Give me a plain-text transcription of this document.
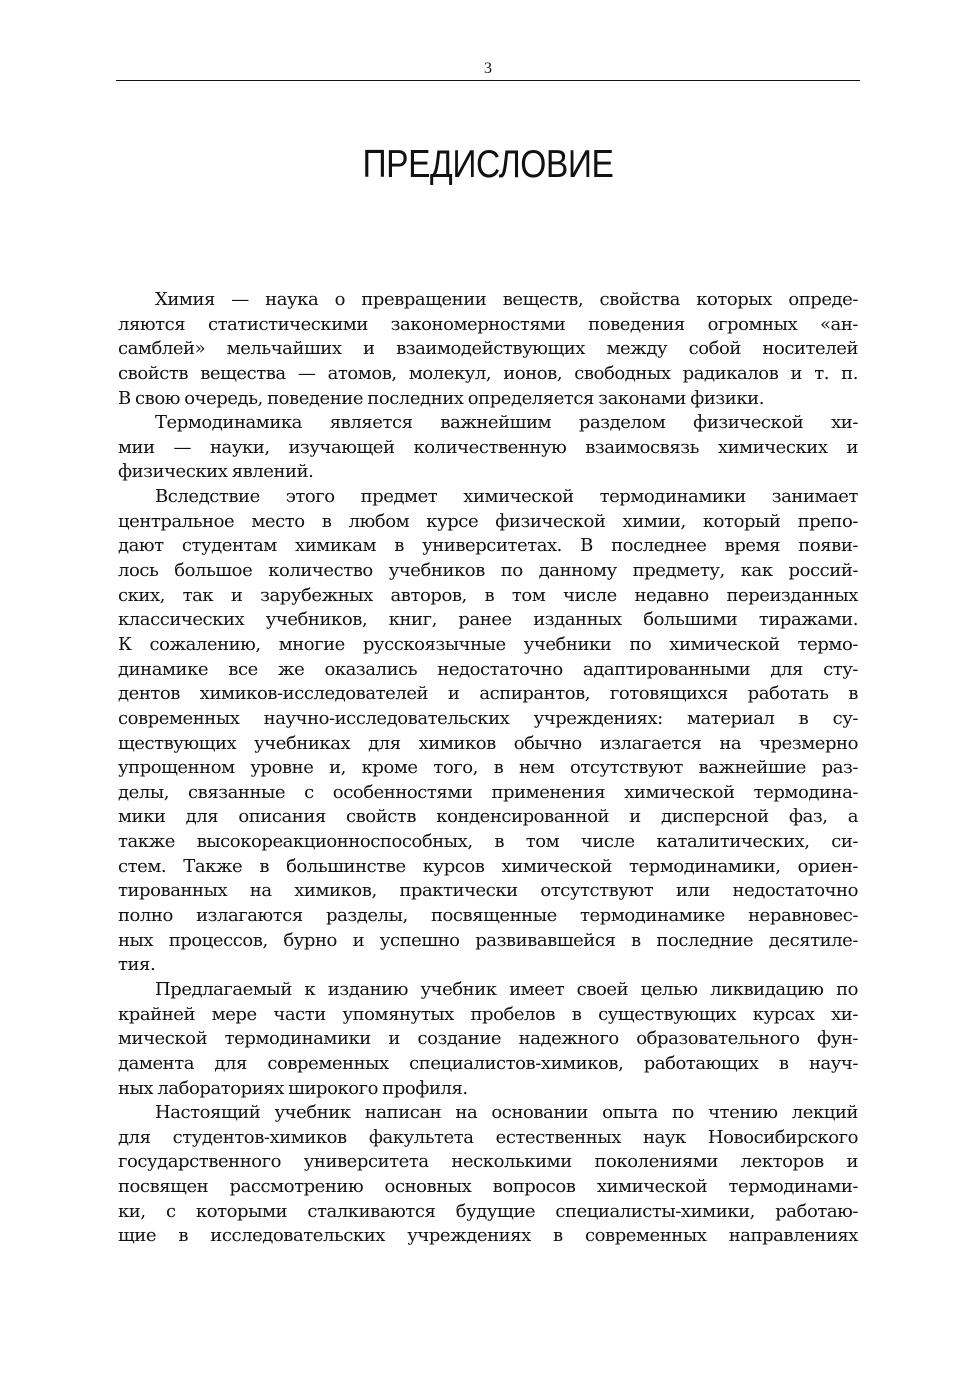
3
ПРЕДИСЛОВИЕ
Химия — наука о превращении веществ, свойства которых опреде-
ляются статистическими закономерностями поведения огромных «ан-
самблей» мельчайших и взаимодействующих между собой носителей
свойств вещества — атомов, молекул, ионов, свободных радикалов и т. п.
В свою очередь, поведение последних определяется законами физики.
Термодинамика является важнейшим разделом физической хи-
мии — науки, изучающей количественную взаимосвязь химических и
физических явлений.
Вследствие этого предмет химической термодинамики занимает
центральное место в любом курсе физической химии, который препо-
дают студентам химикам в университетах. В последнее время появи-
лось большое количество учебников по данному предмету, как россий-
ских, так и зарубежных авторов, в том числе недавно переизданных
классических учебников, книг, ранее изданных большими тиражами.
К сожалению, многие русскоязычные учебники по химической термо-
динамике все же оказались недостаточно адаптированными для сту-
дентов химиков-исследователей и аспирантов, готовящихся работать в
современных научно-исследовательских учреждениях: материал в су-
ществующих учебниках для химиков обычно излагается на чрезмерно
упрощенном уровне и, кроме того, в нем отсутствуют важнейшие раз-
делы, связанные с особенностями применения химической термодина-
мики для описания свойств конденсированной и дисперсной фаз, а
также высокореакционноспособных, в том числе каталитических, си-
стем. Также в большинстве курсов химической термодинамики, ориен-
тированных на химиков, практически отсутствуют или недостаточно
полно излагаются разделы, посвященные термодинамике неравновес-
ных процессов, бурно и успешно развивавшейся в последние десятиле-
тия.
Предлагаемый к изданию учебник имеет своей целью ликвидацию по
крайней мере части упомянутых пробелов в существующих курсах хи-
мической термодинамики и создание надежного образовательного фун-
дамента для современных специалистов-химиков, работающих в науч-
ных лабораториях широкого профиля.
Настоящий учебник написан на основании опыта по чтению лекций
для студентов-химиков факультета естественных наук Новосибирского
государственного университета несколькими поколениями лекторов и
посвящен рассмотрению основных вопросов химической термодинами-
ки, с которыми сталкиваются будущие специалисты-химики, работаю-
щие в исследовательских учреждениях в современных направлениях
